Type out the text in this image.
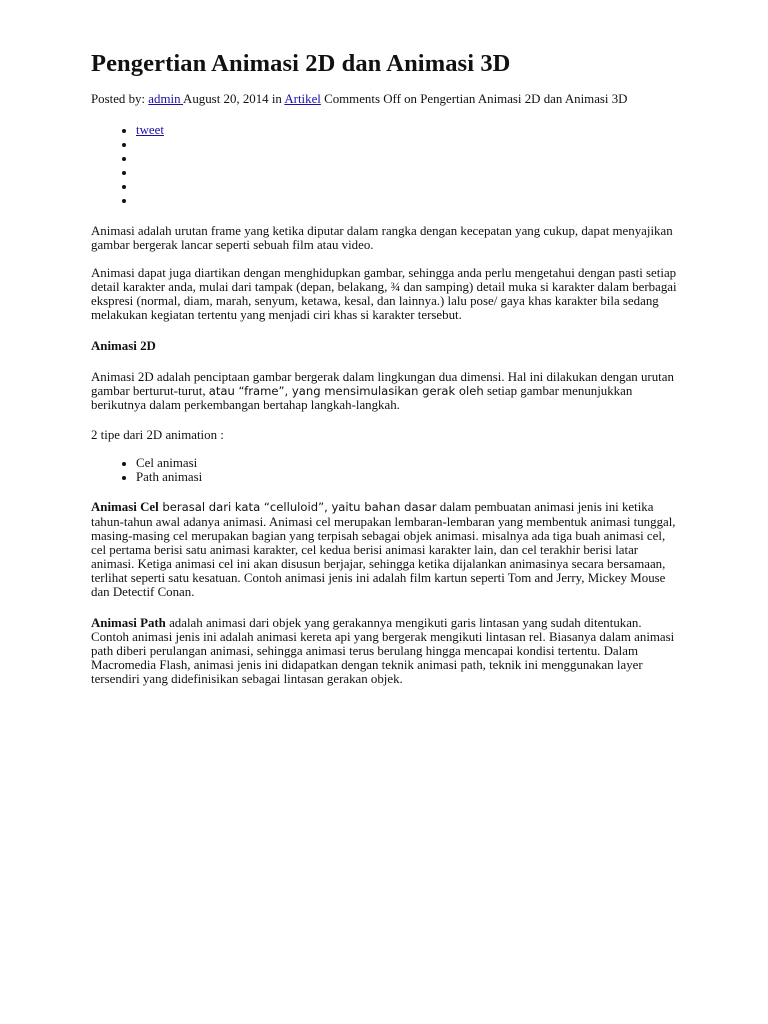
Pengertian Animasi 2D dan Animasi 3D
Posted by: admin August 20, 2014 in Artikel Comments Off on Pengertian Animasi 2D dan Animasi 3D
• tweet
•
•
•
•
•

Animasi adalah urutan frame yang ketika diputar dalam rangka dengan kecepatan yang cukup, dapat menyajikan gambar bergerak lancar seperti sebuah film atau video.

Animasi dapat juga diartikan dengan menghidupkan gambar, sehingga anda perlu mengetahui dengan pasti setiap detail karakter anda, mulai dari tampak (depan, belakang, ¾ dan samping) detail muka si karakter dalam berbagai ekspresi (normal, diam, marah, senyum, ketawa, kesal, dan lainnya.) lalu pose/ gaya khas karakter bila sedang melakukan kegiatan tertentu yang menjadi ciri khas si karakter tersebut.

Animasi 2D

Animasi 2D adalah penciptaan gambar bergerak dalam lingkungan dua dimensi. Hal ini dilakukan dengan urutan gambar berturut-turut, atau “frame”, yang mensimulasikan gerak oleh setiap gambar menunjukkan berikutnya dalam perkembangan bertahap langkah-langkah.

2 tipe dari 2D animation :

• Cel animasi
• Path animasi

Animasi Cel berasal dari kata “celluloid”, yaitu bahan dasar dalam pembuatan animasi jenis ini ketika tahun-tahun awal adanya animasi. Animasi cel merupakan lembaran-lembaran yang membentuk animasi tunggal, masing-masing cel merupakan bagian yang terpisah sebagai objek animasi. misalnya ada tiga buah animasi cel, cel pertama berisi satu animasi karakter, cel kedua berisi animasi karakter lain, dan cel terakhir berisi latar animasi. Ketiga animasi cel ini akan disusun berjajar, sehingga ketika dijalankan animasinya secara bersamaan, terlihat seperti satu kesatuan. Contoh animasi jenis ini adalah film kartun seperti Tom and Jerry, Mickey Mouse dan Detectif Conan.

Animasi Path adalah animasi dari objek yang gerakannya mengikuti garis lintasan yang sudah ditentukan. Contoh animasi jenis ini adalah animasi kereta api yang bergerak mengikuti lintasan rel. Biasanya dalam animasi path diberi perulangan animasi, sehingga animasi terus berulang hingga mencapai kondisi tertentu. Dalam Macromedia Flash, animasi jenis ini didapatkan dengan teknik animasi path, teknik ini menggunakan layer tersendiri yang didefinisikan sebagai lintasan gerakan objek.
